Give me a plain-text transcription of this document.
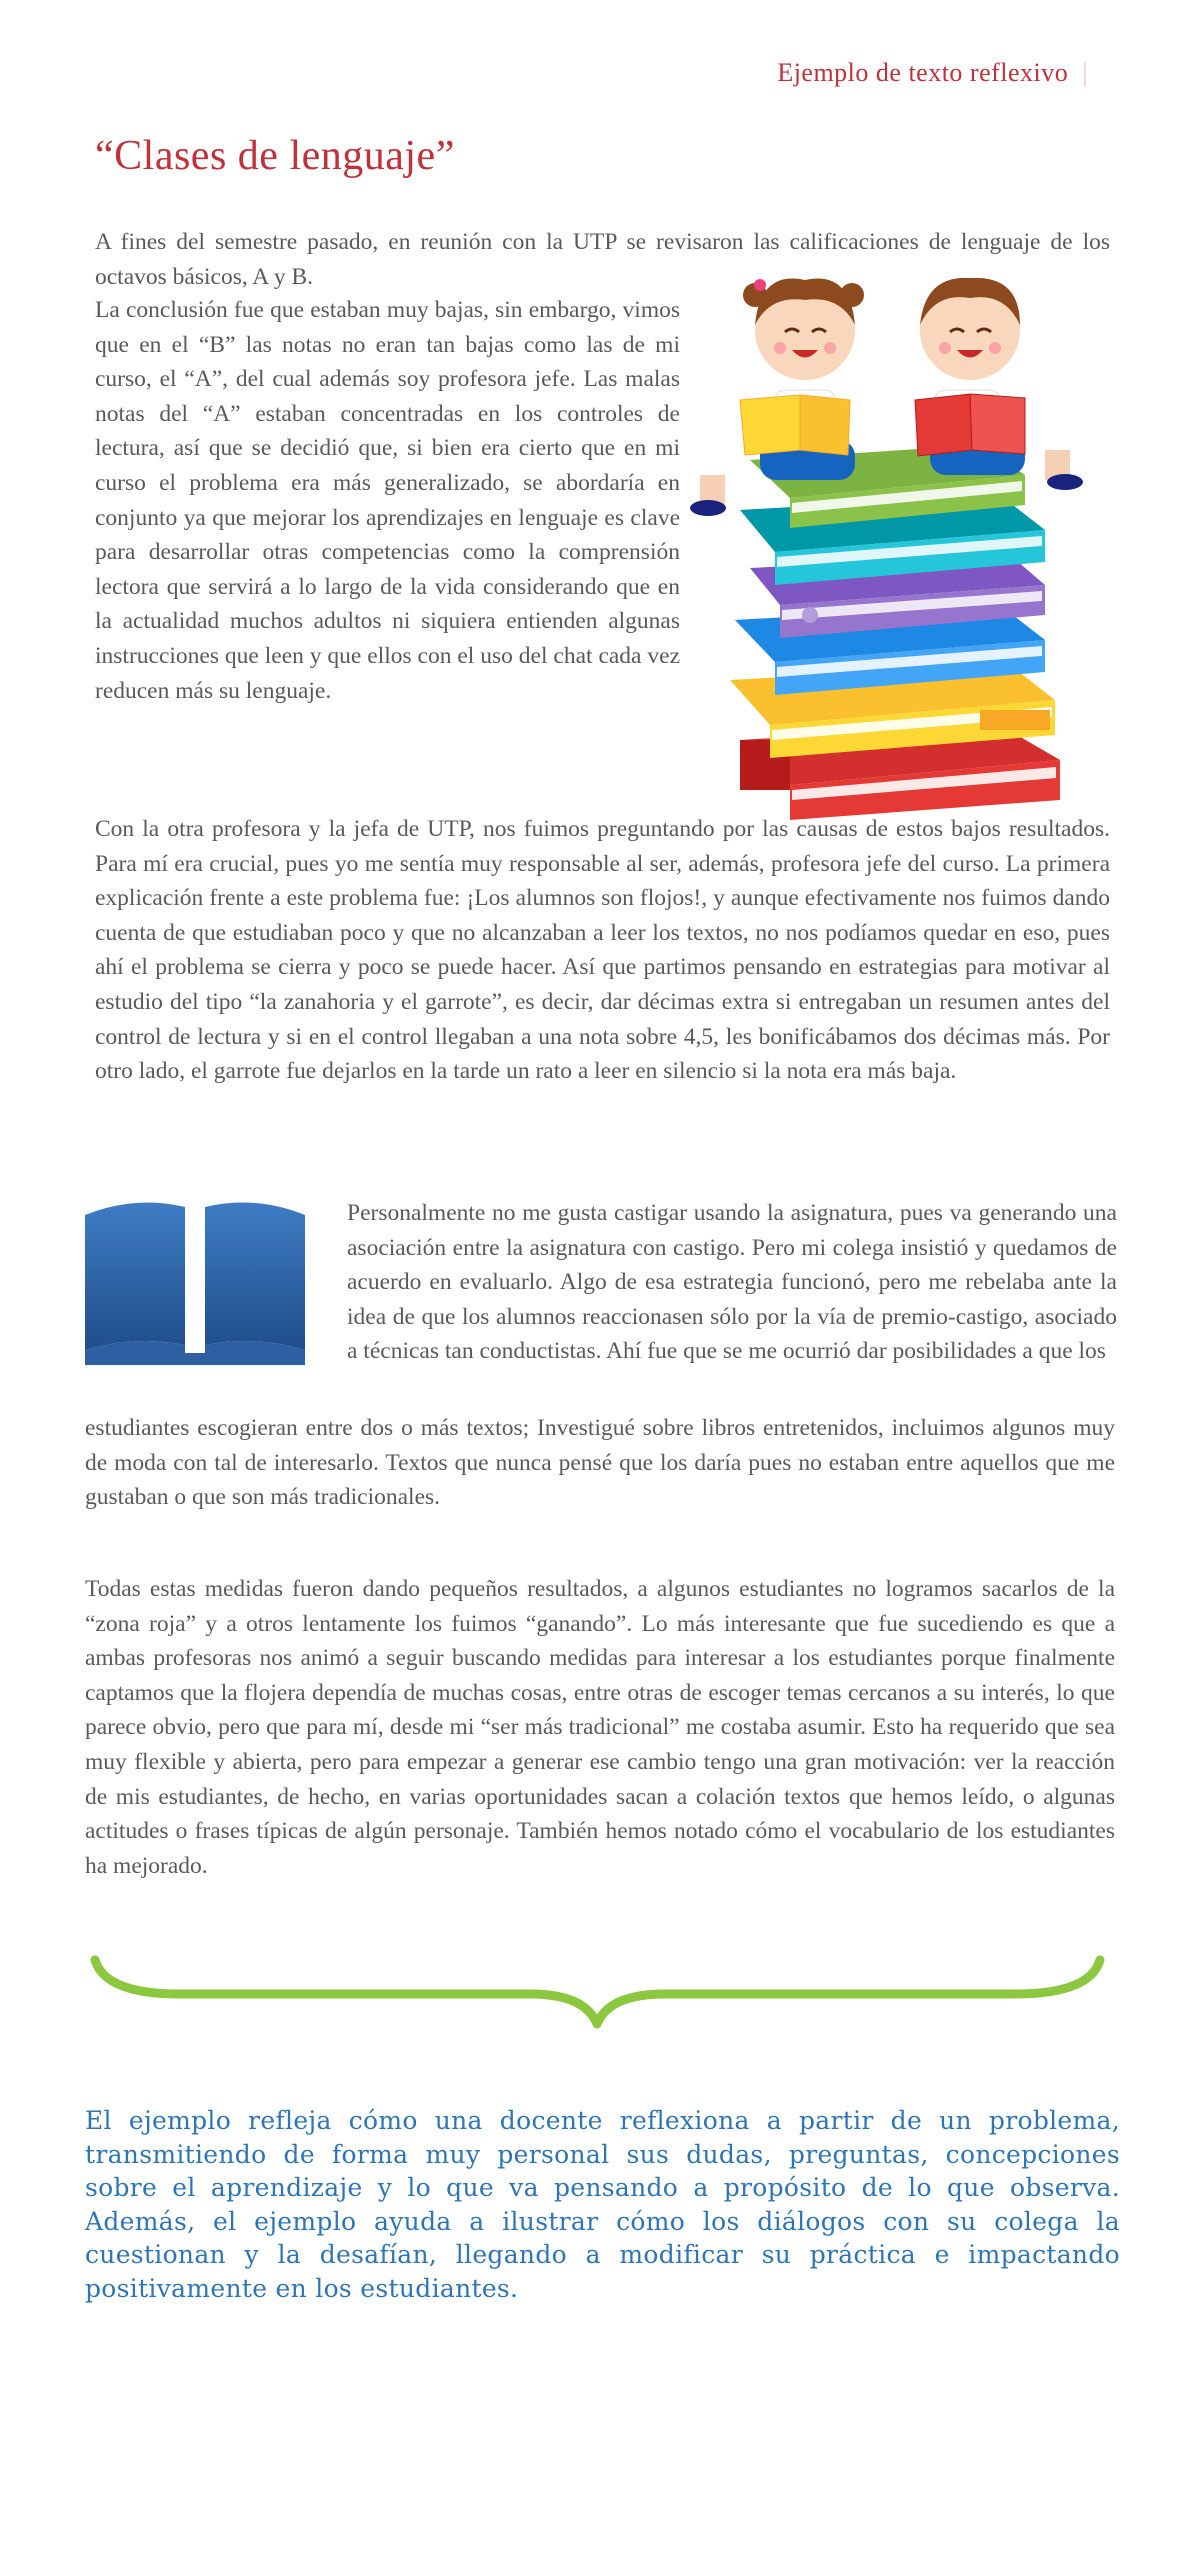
Ejemplo de texto reflexivo |
“Clases de lenguaje”

A fines del semestre pasado, en reunión con la UTP se revisaron las calificaciones de lenguaje de los octavos básicos, A y B.

La conclusión fue que estaban muy bajas, sin embargo, vimos que en el “B” las notas no eran tan bajas como las de mi curso, el “A”, del cual además soy profesora jefe. Las malas notas del “A” estaban concentradas en los controles de lectura, así que se decidió que, si bien era cierto que en mi curso el problema era más generalizado, se abordaría en conjunto ya que mejorar los aprendizajes en lenguaje es clave para desarrollar otras competencias como la comprensión lectora que servirá a lo largo de la vida considerando que en la actualidad muchos adultos ni siquiera entienden algunas instrucciones que leen y que ellos con el uso del chat cada vez reducen más su lenguaje.

Con la otra profesora y la jefa de UTP, nos fuimos preguntando por las causas de estos bajos resultados. Para mí era crucial, pues yo me sentía muy responsable al ser, además, profesora jefe del curso. La primera explicación frente a este problema fue: ¡Los alumnos son flojos!, y aunque efectivamente nos fuimos dando cuenta de que estudiaban poco y que no alcanzaban a leer los textos, no nos podíamos quedar en eso, pues ahí el problema se cierra y poco se puede hacer. Así que partimos pensando en estrategias para motivar al estudio del tipo “la zanahoria y el garrote”, es decir, dar décimas extra si entregaban un resumen antes del control de lectura y si en el control llegaban a una nota sobre 4,5, les bonificábamos dos décimas más. Por otro lado, el garrote fue dejarlos en la tarde un rato a leer en silencio si la nota era más baja.

Personalmente no me gusta castigar usando la asignatura, pues va generando una asociación entre la asignatura con castigo. Pero mi colega insistió y quedamos de acuerdo en evaluarlo. Algo de esa estrategia funcionó, pero me rebelaba ante la idea de que los alumnos reaccionasen sólo por la vía de premio-castigo, asociado a técnicas tan conductistas. Ahí fue que se me ocurrió dar posibilidades a que los

estudiantes escogieran entre dos o más textos; Investigué sobre libros entretenidos, incluimos algunos muy de moda con tal de interesarlo. Textos que nunca pensé que los daría pues no estaban entre aquellos que me gustaban o que son más tradicionales.

Todas estas medidas fueron dando pequeños resultados, a algunos estudiantes no logramos sacarlos de la “zona roja” y a otros lentamente los fuimos “ganando”. Lo más interesante que fue sucediendo es que a ambas profesoras nos animó a seguir buscando medidas para interesar a los estudiantes porque finalmente captamos que la flojera dependía de muchas cosas, entre otras de escoger temas cercanos a su interés, lo que parece obvio, pero que para mí, desde mi “ser más tradicional” me costaba asumir. Esto ha requerido que sea muy flexible y abierta, pero para empezar a generar ese cambio tengo una gran motivación: ver la reacción de mis estudiantes, de hecho, en varias oportunidades sacan a colación textos que hemos leído, o algunas actitudes o frases típicas de algún personaje. También hemos notado cómo el vocabulario de los estudiantes ha mejorado.

El ejemplo refleja cómo una docente reflexiona a partir de un problema, transmitiendo de forma muy personal sus dudas, preguntas, concepciones sobre el aprendizaje y lo que va pensando a propósito de lo que observa. Además, el ejemplo ayuda a ilustrar cómo los diálogos con su colega la cuestionan y la desafían, llegando a modificar su práctica e impactando positivamente en los estudiantes.
